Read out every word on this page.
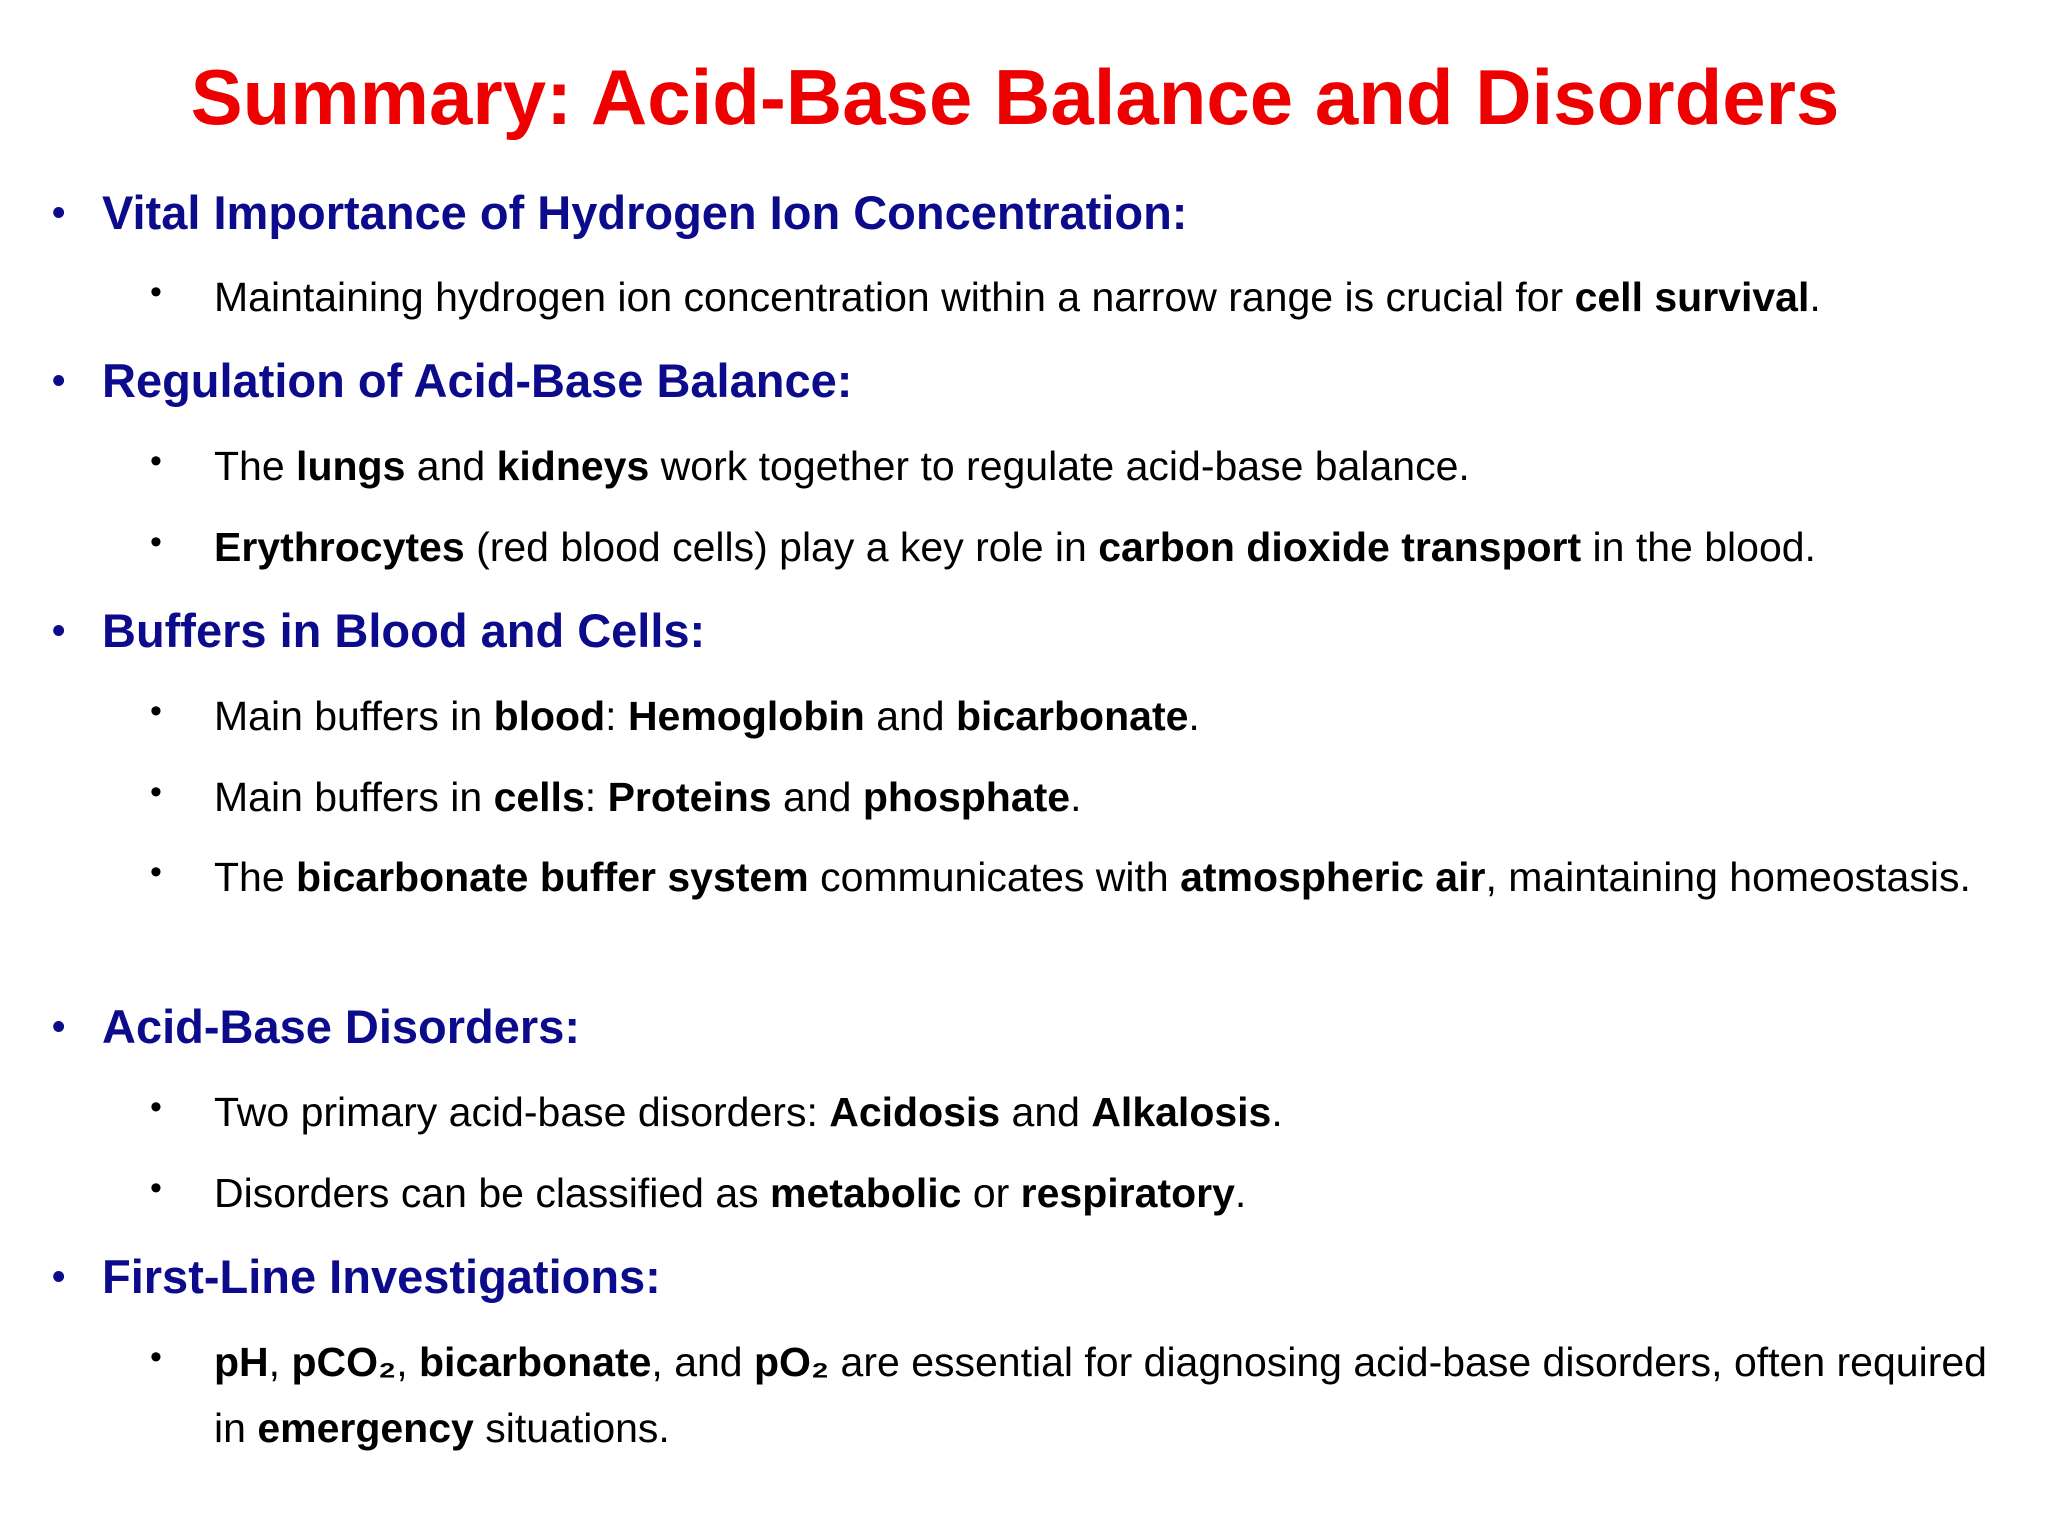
Summary: Acid-Base Balance and Disorders
• Vital Importance of Hydrogen Ion Concentration:
• Maintaining hydrogen ion concentration within a narrow range is crucial for cell survival.
• Regulation of Acid-Base Balance:
• The lungs and kidneys work together to regulate acid-base balance.
• Erythrocytes (red blood cells) play a key role in carbon dioxide transport in the blood.
• Buffers in Blood and Cells:
• Main buffers in blood: Hemoglobin and bicarbonate.
• Main buffers in cells: Proteins and phosphate.
• The bicarbonate buffer system communicates with atmospheric air, maintaining homeostasis.
• Acid-Base Disorders:
• Two primary acid-base disorders: Acidosis and Alkalosis.
• Disorders can be classified as metabolic or respiratory.
• First-Line Investigations:
• pH, pCO₂, bicarbonate, and pO₂ are essential for diagnosing acid-base disorders, often required in emergency situations.
